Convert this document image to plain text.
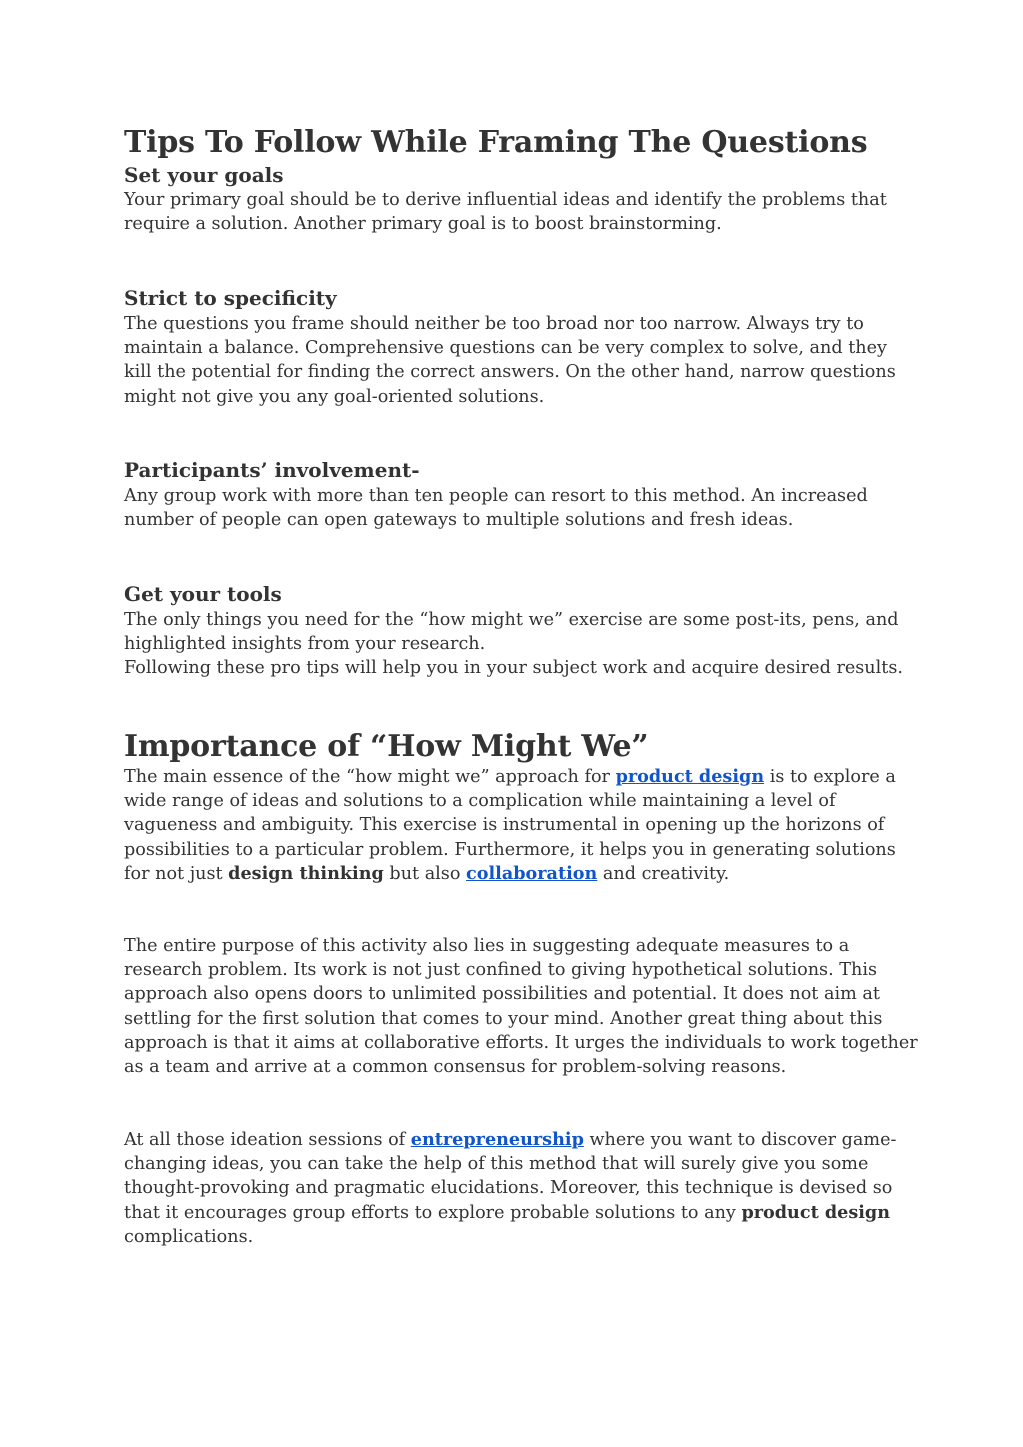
Tips To Follow While Framing The Questions
Set your goals
Your primary goal should be to derive influential ideas and identify the problems that
require a solution. Another primary goal is to boost brainstorming.
Strict to specificity
The questions you frame should neither be too broad nor too narrow. Always try to
maintain a balance. Comprehensive questions can be very complex to solve, and they
kill the potential for finding the correct answers. On the other hand, narrow questions
might not give you any goal-oriented solutions.
Participants’ involvement-
Any group work with more than ten people can resort to this method. An increased
number of people can open gateways to multiple solutions and fresh ideas.
Get your tools
The only things you need for the “how might we” exercise are some post-its, pens, and
highlighted insights from your research.
Following these pro tips will help you in your subject work and acquire desired results.
Importance of “How Might We”
The main essence of the “how might we” approach for product design is to explore a
wide range of ideas and solutions to a complication while maintaining a level of
vagueness and ambiguity. This exercise is instrumental in opening up the horizons of
possibilities to a particular problem. Furthermore, it helps you in generating solutions
for not just design thinking but also collaboration and creativity.
The entire purpose of this activity also lies in suggesting adequate measures to a
research problem. Its work is not just confined to giving hypothetical solutions. This
approach also opens doors to unlimited possibilities and potential. It does not aim at
settling for the first solution that comes to your mind. Another great thing about this
approach is that it aims at collaborative efforts. It urges the individuals to work together
as a team and arrive at a common consensus for problem-solving reasons.
At all those ideation sessions of entrepreneurship where you want to discover game-
changing ideas, you can take the help of this method that will surely give you some
thought-provoking and pragmatic elucidations. Moreover, this technique is devised so
that it encourages group efforts to explore probable solutions to any product design
complications.
